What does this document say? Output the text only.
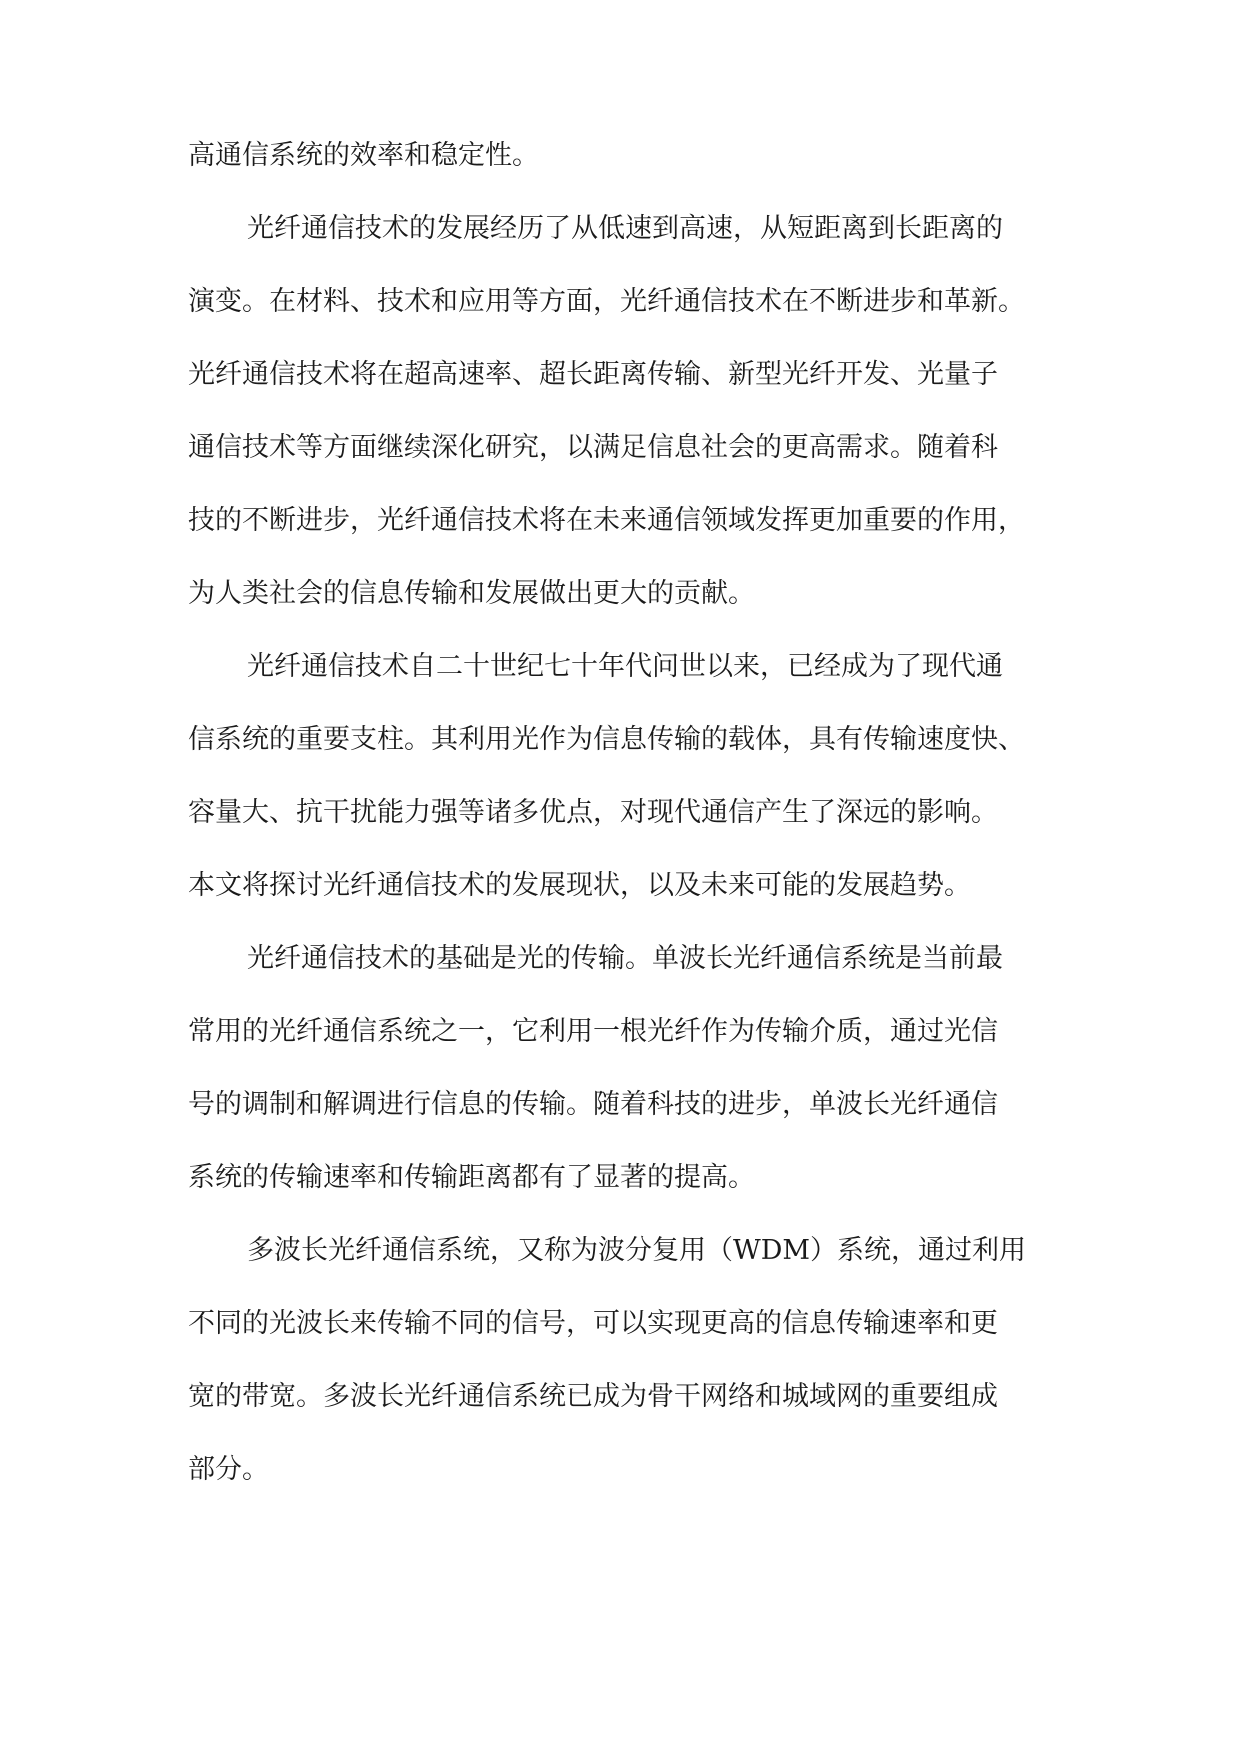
高通信系统的效率和稳定性。
光纤通信技术的发展经历了从低速到高速，从短距离到长距离的
演变。在材料、技术和应用等方面，光纤通信技术在不断进步和革新。
光纤通信技术将在超高速率、超长距离传输、新型光纤开发、光量子
通信技术等方面继续深化研究，以满足信息社会的更高需求。随着科
技的不断进步，光纤通信技术将在未来通信领域发挥更加重要的作用，
为人类社会的信息传输和发展做出更大的贡献。
光纤通信技术自二十世纪七十年代问世以来，已经成为了现代通
信系统的重要支柱。其利用光作为信息传输的载体，具有传输速度快、
容量大、抗干扰能力强等诸多优点，对现代通信产生了深远的影响。
本文将探讨光纤通信技术的发展现状，以及未来可能的发展趋势。
光纤通信技术的基础是光的传输。单波长光纤通信系统是当前最
常用的光纤通信系统之一，它利用一根光纤作为传输介质，通过光信
号的调制和解调进行信息的传输。随着科技的进步，单波长光纤通信
系统的传输速率和传输距离都有了显著的提高。
多波长光纤通信系统，又称为波分复用（WDM）系统，通过利用
不同的光波长来传输不同的信号，可以实现更高的信息传输速率和更
宽的带宽。多波长光纤通信系统已成为骨干网络和城域网的重要组成
部分。
